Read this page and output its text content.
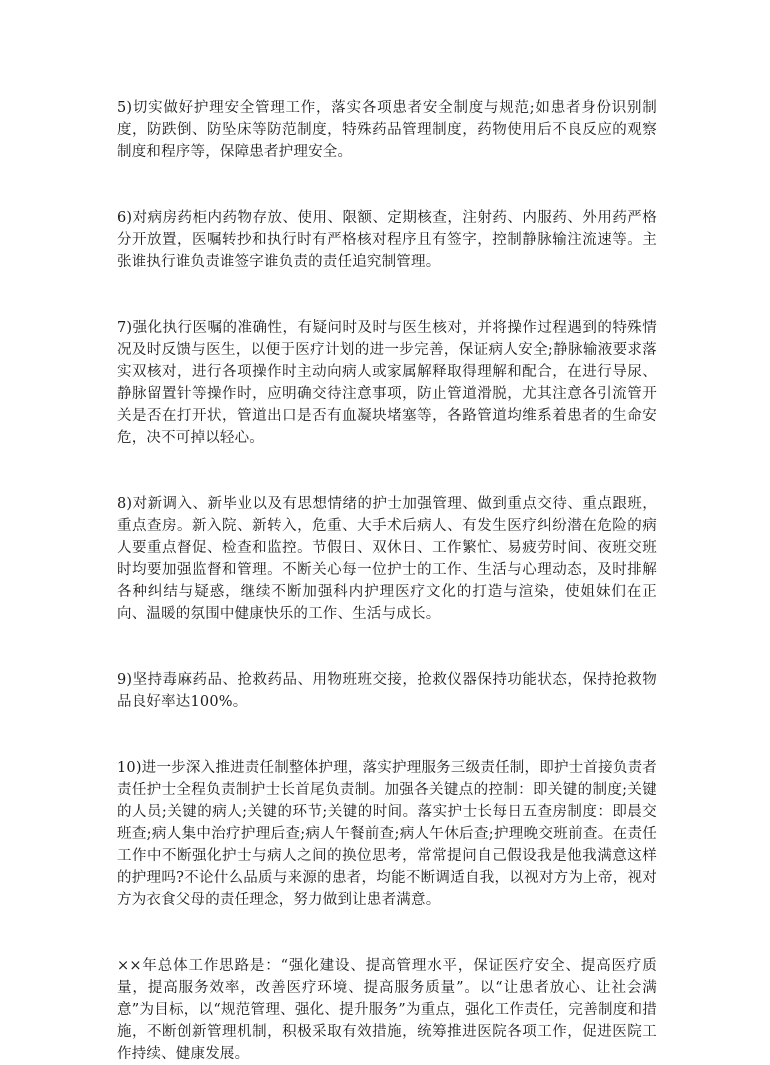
5)切实做好护理安全管理工作，落实各项患者安全制度与规范;如患者身份识别制度，防跌倒、防坠床等防范制度，特殊药品管理制度，药物使用后不良反应的观察制度和程序等，保障患者护理安全。

6)对病房药柜内药物存放、使用、限额、定期核查，注射药、内服药、外用药严格分开放置，医嘱转抄和执行时有严格核对程序且有签字，控制静脉输注流速等。主张谁执行谁负责谁签字谁负责的责任追究制管理。

7)强化执行医嘱的准确性，有疑问时及时与医生核对，并将操作过程遇到的特殊情况及时反馈与医生，以便于医疗计划的进一步完善，保证病人安全;静脉输液要求落实双核对，进行各项操作时主动向病人或家属解释取得理解和配合，在进行导尿、静脉留置针等操作时，应明确交待注意事项，防止管道滑脱，尤其注意各引流管开关是否在打开状，管道出口是否有血凝块堵塞等，各路管道均维系着患者的生命安危，决不可掉以轻心。

8)对新调入、新毕业以及有思想情绪的护士加强管理、做到重点交待、重点跟班，重点查房。新入院、新转入，危重、大手术后病人、有发生医疗纠纷潜在危险的病人要重点督促、检查和监控。节假日、双休日、工作繁忙、易疲劳时间、夜班交班时均要加强监督和管理。不断关心每一位护士的工作、生活与心理动态，及时排解各种纠结与疑惑，继续不断加强科内护理医疗文化的打造与渲染，使姐妹们在正向、温暖的氛围中健康快乐的工作、生活与成长。

9)坚持毒麻药品、抢救药品、用物班班交接，抢救仪器保持功能状态，保持抢救物品良好率达100%。

10)进一步深入推进责任制整体护理，落实护理服务三级责任制，即护士首接负责者责任护士全程负责制护士长首尾负责制。加强各关键点的控制：即关键的制度;关键的人员;关键的病人;关键的环节;关键的时间。落实护士长每日五查房制度：即晨交班查;病人集中治疗护理后查;病人午餐前查;病人午休后查;护理晚交班前查。在责任工作中不断强化护士与病人之间的换位思考，常常提问自己假设我是他我满意这样的护理吗?不论什么品质与来源的患者，均能不断调适自我，以视对方为上帝，视对方为衣食父母的责任理念，努力做到让患者满意。

××年总体工作思路是：“强化建设、提高管理水平，保证医疗安全、提高医疗质量，提高服务效率，改善医疗环境、提高服务质量”。以“让患者放心、让社会满意”为目标，以“规范管理、强化、提升服务”为重点，强化工作责任，完善制度和措施，不断创新管理机制，积极采取有效措施，统筹推进医院各项工作，促进医院工作持续、健康发展。
